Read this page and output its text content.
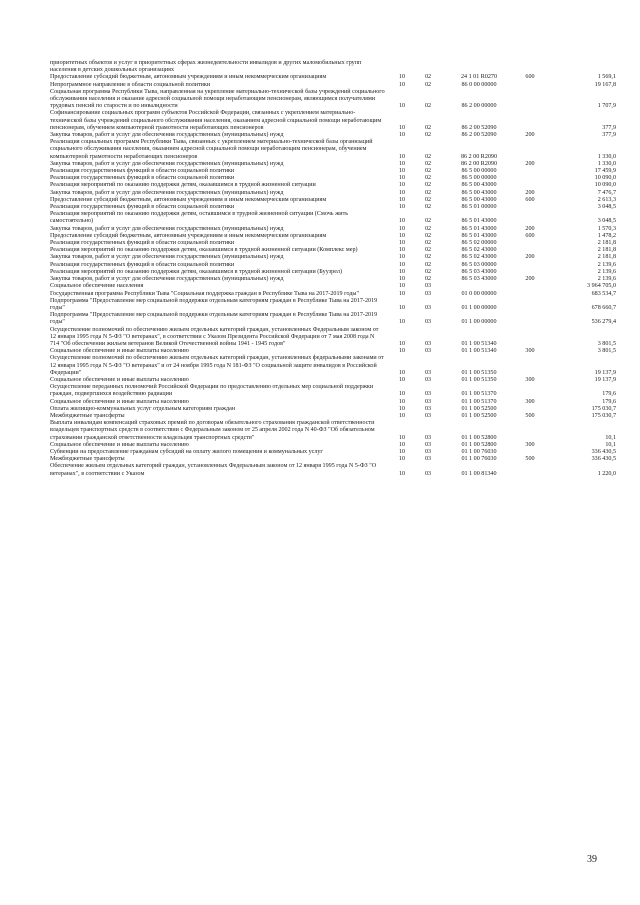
приоритетных объектов и услуг в приоритетных сферах жизнедеятельности инвалидов и других маломобильных групп населения в детских дошкольных организациях					
Предоставление субсидий бюджетным, автономным учреждениям и иным некоммерческим организациям	10	02	24 1 01 R0270	600	1 569,1
Непрограммное направление в области социальной политики	10	02	86 0 00 00000		19 167,8
Социальная программа Республики Тыва, направленная на укрепление материально-технической базы учреждений социального обслуживания населения и оказание адресной социальной помощи неработающим пенсионерам, являющимся получателями трудовых пенсий по старости и по инвалидности	10	02	86 2 00 00000		1 707,9
Софинансирование социальных программ субъектов Российской Федерации, связанных с укреплением материально-технической базы учреждений социального обслуживания населения, оказанием адресной социальной помощи неработающим пенсионерам, обучением компьютерной грамотности неработающих пенсионеров	10	02	86 2 00 52090		377,9
Закупка товаров, работ и услуг для обеспечения государственных (муниципальных) нужд	10	02	86 2 00 52090	200	377,9
Реализация социальных программ Республики Тыва, связанных с укреплением материально-технической базы организаций социального обслуживания населения, оказанием адресной социальной помощи неработающим пенсионерам, обучением компьютерной грамотности неработающих пенсионеров	10	02	86 2 00 R2090		1 330,0
Закупка товаров, работ и услуг для обеспечения государственных (муниципальных) нужд	10	02	86 2 00 R2090	200	1 330,0
Реализация государственных функций в области социальной политики	10	02	86 5 00 00000		17 459,9
Реализация государственных функций в области социальной политики	10	02	86 5 00 00000		10 090,0
Реализация мероприятий по оказанию поддержки детям, оказавшимся в трудной жизненной ситуации	10	02	86 5 00 43000		10 090,0
Закупка товаров, работ и услуг для обеспечения государственных (муниципальных) нужд	10	02	86 5 00 43000	200	7 476,7
Предоставление субсидий бюджетным, автономным учреждениям и иным некоммерческим организациям	10	02	86 5 00 43000	600	2 613,3
Реализация государственных функций в области социальной политики	10	02	86 5 01 00000		3 048,5
Реализация мероприятий по оказанию поддержки детям, оставшимся в трудной жизненной ситуации (Смочь жить самостоятельно)	10	02	86 5 01 43000		3 048,5
Закупка товаров, работ и услуг для обеспечения государственных (муниципальных) нужд	10	02	86 5 01 43000	200	1 570,3
Предоставление субсидий бюджетным, автономным учреждениям и иным некоммерческим организациям	10	02	86 5 01 43000	600	1 478,2
Реализация государственных функций в области социальной политики	10	02	86 5 02 00000		2 181,8
Реализация мероприятий по оказанию поддержки детям, оказавшимся в трудной жизненной ситуации (Комплекс мер)	10	02	86 5 02 43000		2 181,8
Закупка товаров, работ и услуг для обеспечения государственных (муниципальных) нужд	10	02	86 5 02 43000	200	2 181,8
Реализация государственных функций в области социальной политики	10	02	86 5 03 00000		2 139,6
Реализация мероприятий по оказанию поддержки детям, оказавшимся в трудной жизненной ситуации (Буузрел)	10	02	86 5 03 43000		2 139,6
Закупка товаров, работ и услуг для обеспечения государственных (муниципальных) нужд	10	02	86 5 03 43000	200	2 139,6
Социальное обеспечение населения	10	03			3 964 705,0
Государственная программа Республики Тыва "Социальная поддержка граждан в Республике Тыва на 2017-2019 годы"	10	03	01 0 00 00000		683 534,7
Подпрограмма "Предоставление мер социальной поддержки отдельным категориям граждан в Республике Тыва на 2017-2019 годы"	10	03	01 1 00 00000		678 660,7
Подпрограмма "Предоставление мер социальной поддержки отдельным категориям граждан в Республике Тыва на 2017-2019 годы"	10	03	01 1 00 00000		536 279,4
Осуществление полномочий по обеспечению жильем отдельных категорий граждан, установленных Федеральным законом от 12 января 1995 года N 5-ФЗ "О ветеранах", в соответствии с Указом Президента Российской Федерации от 7 мая 2008 года N 714 "Об обеспечении жильем ветеранов Великой Отечественной войны 1941 - 1945 годов"	10	03	01 1 00 51340		3 801,5
Социальное обеспечение и иные выплаты населению	10	03	01 1 00 51340	300	3 801,5
Осуществление полномочий по обеспечению жильем отдельных категорий граждан, установленных федеральными законами от 12 января 1995 года N 5-ФЗ "О ветеранах" и от 24 ноября 1995 года N 181-ФЗ "О социальной защите инвалидов в Российской Федерации"	10	03	01 1 00 51350		19 137,9
Социальное обеспечение и иные выплаты населению	10	03	01 1 00 51350	300	19 137,9
Осуществление переданных полномочий Российской Федерации по предоставлению отдельных мер социальной поддержки граждан, подвергшихся воздействию радиации	10	03	01 1 00 51370		179,6
Социальное обеспечение и иные выплаты населению	10	03	01 1 00 51370	300	179,6
Оплата жилищно-коммунальных услуг отдельным категориям граждан	10	03	01 1 00 52500		175 030,7
Межбюджетные трансферты	10	03	01 1 00 52500	500	175 030,7
Выплата инвалидам компенсаций страховых премий по договорам обязательного страхования гражданской ответственности владельцев транспортных средств в соответствии с Федеральным законом от 25 апреля 2002 года N 40-ФЗ "Об обязательном страховании гражданской ответственности владельцев транспортных средств"	10	03	01 1 00 52800		10,1
Социальное обеспечение и иные выплаты населению	10	03	01 1 00 52800	300	10,1
Субвенции на предоставление гражданам субсидий на оплату жилого помещения и коммунальных услуг	10	03	01 1 00 76030		336 430,5
Межбюджетные трансферты	10	03	01 1 00 76030	500	336 430,5
Обеспечение жильем отдельных категорий граждан, установленных Федеральным законом от 12 января 1995 года N 5-ФЗ "О ветеранах", в соответствии с Указом	10	03	01 1 00 81340		1 220,0
39
